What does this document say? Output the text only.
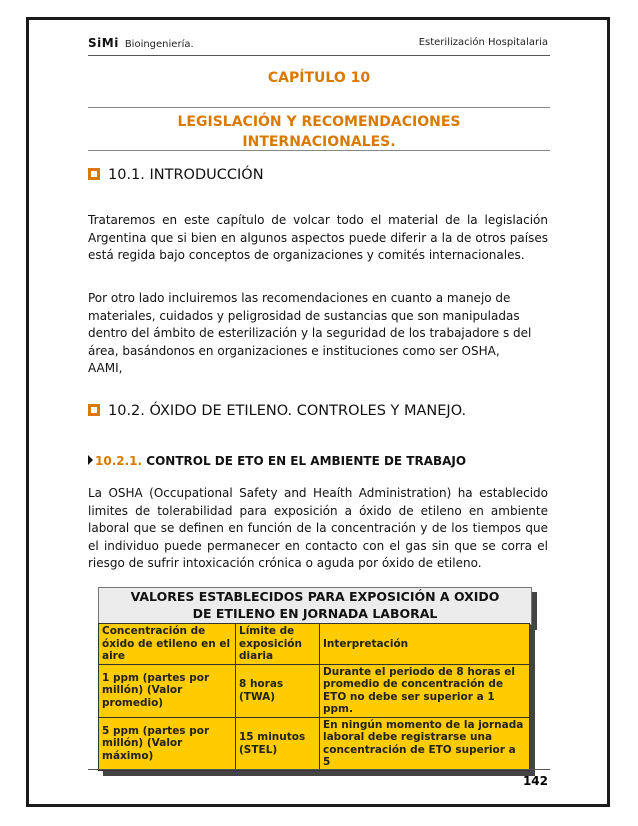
SiMi Bioingeniería.	Esterilización Hospitalaria
CAPÍTULO 10
LEGISLACIÓN Y RECOMENDACIONES
INTERNACIONALES.
10.1. INTRODUCCIÓN
Trataremos en este capítulo de volcar todo el material de la legislación Argentina que si bien en algunos aspectos puede diferir a la de otros países está regida bajo conceptos de organizaciones y comités internacionales.
Por otro lado incluiremos las recomendaciones en cuanto a manejo de
materiales, cuidados y peligrosidad de sustancias que son manipuladas
dentro del ámbito de esterilización y la seguridad de los trabajadore s del
área, basándonos en organizaciones e instituciones como ser OSHA,
AAMI,
10.2. ÓXIDO DE ETILENO. CONTROLES Y MANEJO.
10.2.1. CONTROL DE ETO EN EL AMBIENTE DE TRABAJO
La OSHA (Occupational Safety and Heaíth Administration) ha establecido limites de tolerabilidad para exposición a óxido de etileno en ambiente laboral que se definen en función de la concentración y de los tiempos que el individuo puede permanecer en contacto con el gas sin que se corra el riesgo de sufrir intoxicación crónica o aguda por óxido de etileno.
VALORES ESTABLECIDOS PARA EXPOSICIÓN A OXIDO
DE ETILENO EN JORNADA LABORAL
Concentración de óxido de etileno en el aire	Límite de exposición diaria	Interpretación
1 ppm (partes por millón) (Valor promedio)	8 horas (TWA)	Durante el periodo de 8 horas el promedio de concentración de ETO no debe ser superior a 1 ppm.
5 ppm (partes por millón) (Valor máximo)	15 minutos (STEL)	En ningún momento de la jornada laboral debe registrarse una concentración de ETO superior a 5
142
